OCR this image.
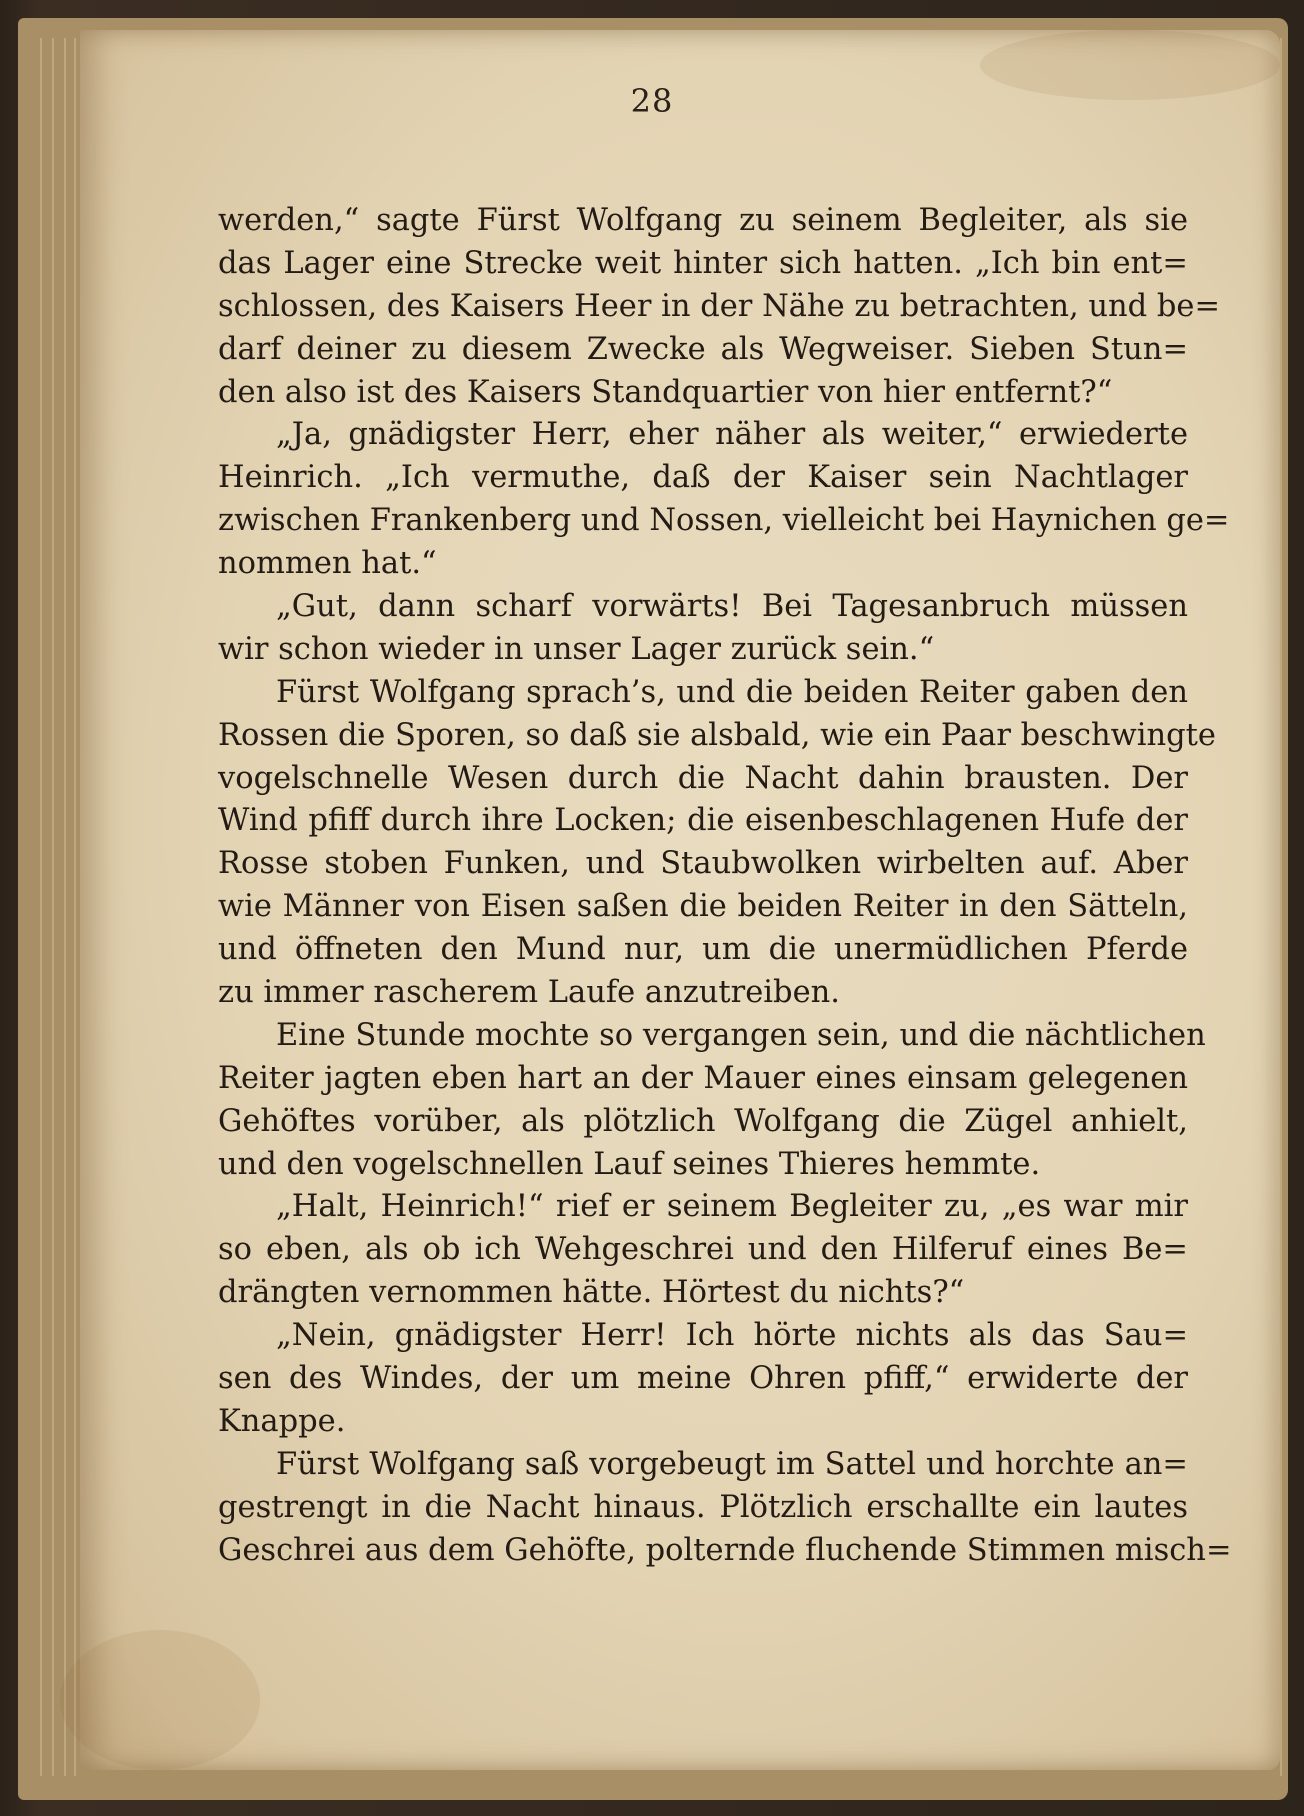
28
werden,“ sagte Fürst Wolfgang zu seinem Begleiter, als sie
das Lager eine Strecke weit hinter sich hatten. „Ich bin ent=
schlossen, des Kaisers Heer in der Nähe zu betrachten, und be=
darf deiner zu diesem Zwecke als Wegweiser. Sieben Stun=
den also ist des Kaisers Standquartier von hier entfernt?“
„Ja, gnädigster Herr, eher näher als weiter,“ erwiederte
Heinrich. „Ich vermuthe, daß der Kaiser sein Nachtlager
zwischen Frankenberg und Nossen, vielleicht bei Haynichen ge=
nommen hat.“
„Gut, dann scharf vorwärts! Bei Tagesanbruch müssen
wir schon wieder in unser Lager zurück sein.“
Fürst Wolfgang sprach’s, und die beiden Reiter gaben den
Rossen die Sporen, so daß sie alsbald, wie ein Paar beschwingte
vogelschnelle Wesen durch die Nacht dahin brausten. Der
Wind pfiff durch ihre Locken; die eisenbeschlagenen Hufe der
Rosse stoben Funken, und Staubwolken wirbelten auf. Aber
wie Männer von Eisen saßen die beiden Reiter in den Sätteln,
und öffneten den Mund nur, um die unermüdlichen Pferde
zu immer rascherem Laufe anzutreiben.
Eine Stunde mochte so vergangen sein, und die nächtlichen
Reiter jagten eben hart an der Mauer eines einsam gelegenen
Gehöftes vorüber, als plötzlich Wolfgang die Zügel anhielt,
und den vogelschnellen Lauf seines Thieres hemmte.
„Halt, Heinrich!“ rief er seinem Begleiter zu, „es war mir
so eben, als ob ich Wehgeschrei und den Hilferuf eines Be=
drängten vernommen hätte. Hörtest du nichts?“
„Nein, gnädigster Herr! Ich hörte nichts als das Sau=
sen des Windes, der um meine Ohren pfiff,“ erwiderte der
Knappe.
Fürst Wolfgang saß vorgebeugt im Sattel und horchte an=
gestrengt in die Nacht hinaus. Plötzlich erschallte ein lautes
Geschrei aus dem Gehöfte, polternde fluchende Stimmen misch=
